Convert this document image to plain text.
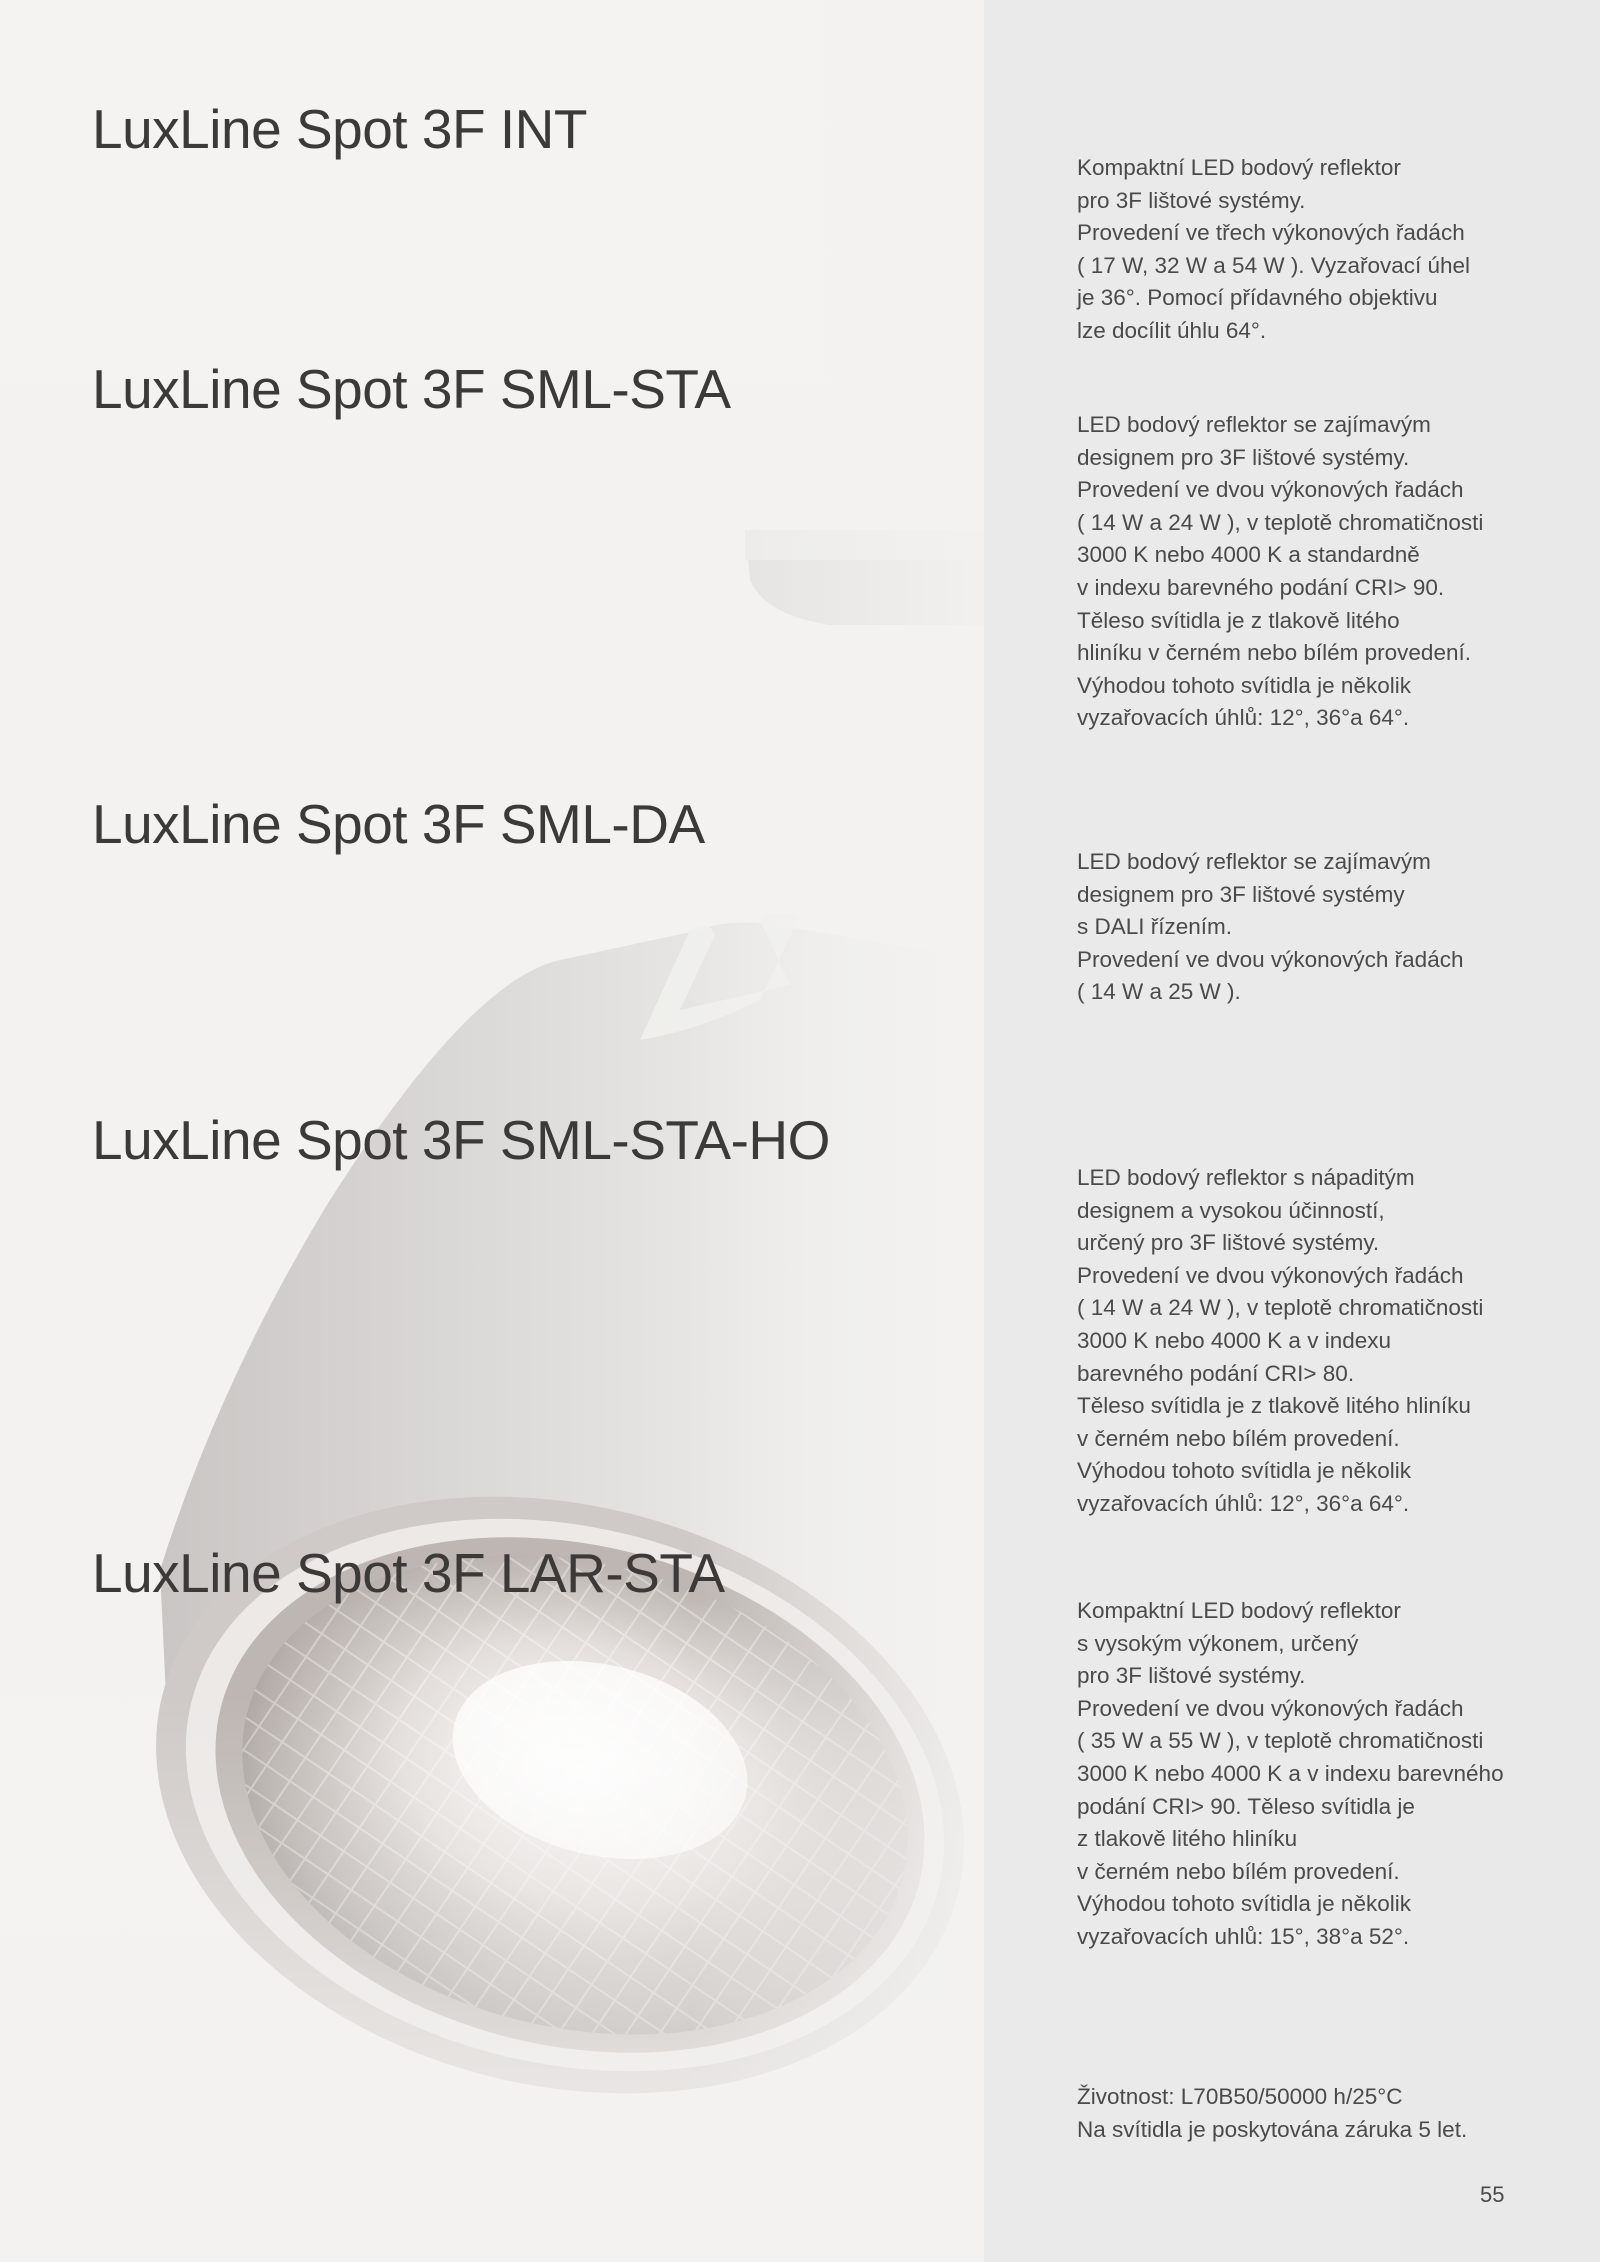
LuxLine Spot 3F INT
LuxLine Spot 3F SML-STA
LuxLine Spot 3F SML-DA
LuxLine Spot 3F SML-STA-HO
LuxLine Spot 3F LAR-STA

Kompaktní LED bodový reflektor
pro 3F lištové systémy.
Provedení ve třech výkonových řadách
( 17 W, 32 W a 54 W ). Vyzařovací úhel
je 36°. Pomocí přídavného objektivu
lze docílit úhlu 64°.

LED bodový reflektor se zajímavým
designem pro 3F lištové systémy.
Provedení ve dvou výkonových řadách
( 14 W a 24 W ), v teplotě chromatičnosti
3000 K nebo 4000 K a standardně
v indexu barevného podání CRI> 90.
Těleso svítidla je z tlakově litého
hliníku v černém nebo bílém provedení.
Výhodou tohoto svítidla je několik
vyzařovacích úhlů: 12°, 36°a 64°.

LED bodový reflektor se zajímavým
designem pro 3F lištové systémy
s DALI řízením.
Provedení ve dvou výkonových řadách
( 14 W a 25 W ).

LED bodový reflektor s nápaditým
designem a vysokou účinností,
určený pro 3F lištové systémy.
Provedení ve dvou výkonových řadách
( 14 W a 24 W ), v teplotě chromatičnosti
3000 K nebo 4000 K a v indexu
barevného podání CRI> 80.
Těleso svítidla je z tlakově litého hliníku
v černém nebo bílém provedení.
Výhodou tohoto svítidla je několik
vyzařovacích úhlů: 12°, 36°a 64°.

Kompaktní LED bodový reflektor
s vysokým výkonem, určený
pro 3F lištové systémy.
Provedení ve dvou výkonových řadách
( 35 W a 55 W ), v teplotě chromatičnosti
3000 K nebo 4000 K a v indexu barevného
podání CRI> 90. Těleso svítidla je
z tlakově litého hliníku
v černém nebo bílém provedení.
Výhodou tohoto svítidla je několik
vyzařovacích uhlů: 15°, 38°a 52°.

Životnost: L70B50/50000 h/25°C
Na svítidla je poskytována záruka 5 let.

55
